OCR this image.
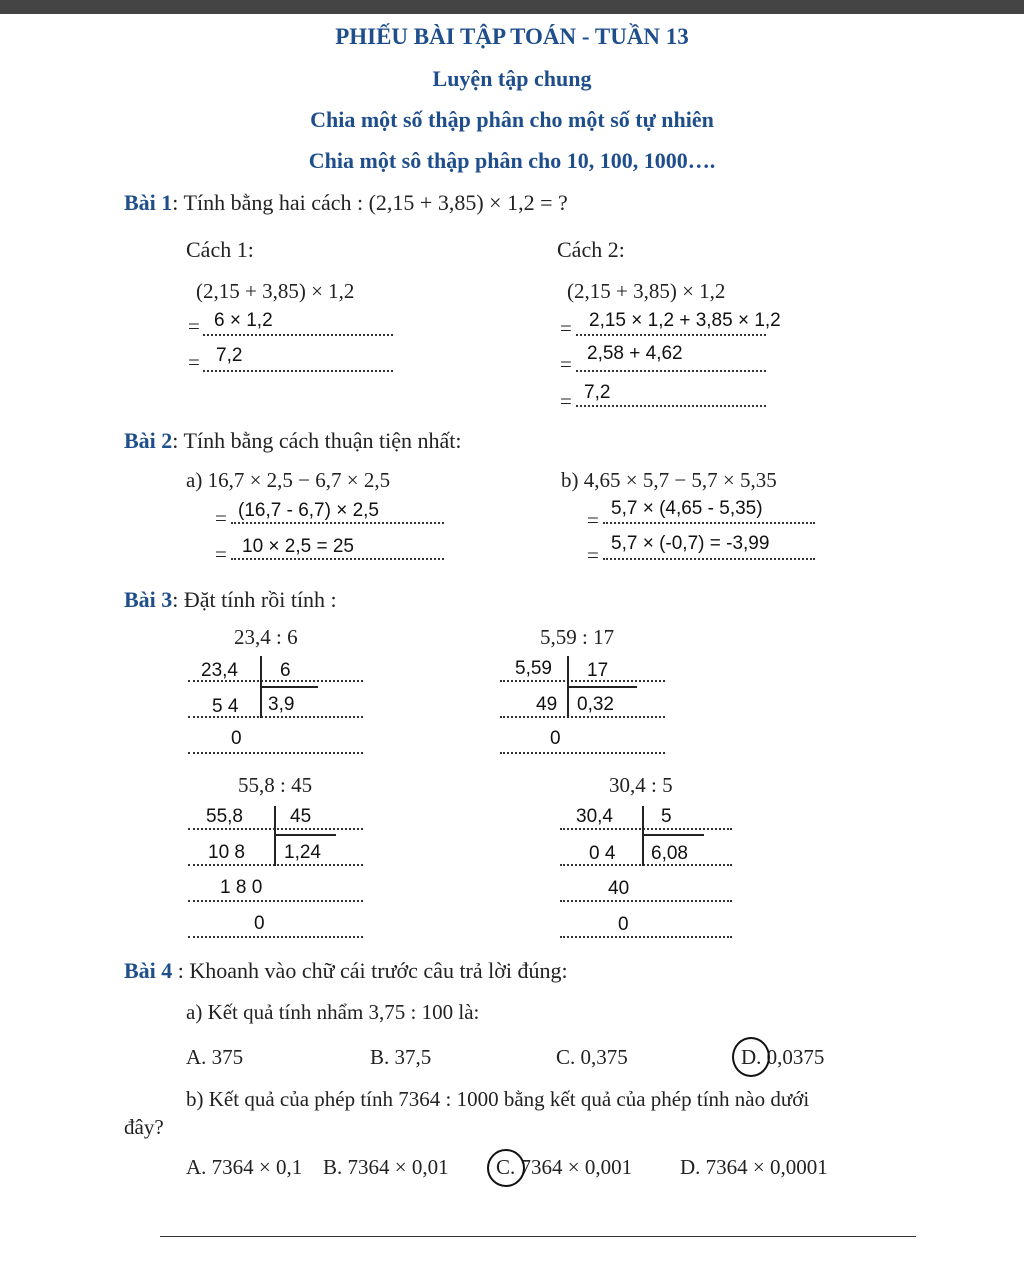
PHIẾU BÀI TẬP TOÁN - TUẦN 13
Luyện tập chung
Chia một số thập phân cho một số tự nhiên
Chia một sô thập phân cho 10, 100, 1000….
Bài 1: Tính bằng hai cách : (2,15 + 3,85) × 1,2 = ?
Cách 1:	Cách 2:
(2,15 + 3,85) × 1,2	(2,15 + 3,85) × 1,2
= 6 × 1,2
= 7,2
= 2,15 × 1,2 + 3,85 × 1,2
= 2,58 + 4,62
= 7,2
Bài 2: Tính bằng cách thuận tiện nhất:
a) 16,7 × 2,5 − 6,7 × 2,5	b) 4,65 × 5,7 − 5,7 × 5,35
= (16,7 - 6,7) × 2,5
= 10 × 2,5 = 25
= 5,7 × (4,65 - 5,35)
= 5,7 × (-0,7) = -3,99
Bài 3: Đặt tính rồi tính :
23,4 : 6
23,4 6
3,9
5 4
0
5,59 : 17
5,59 17
0,32
49
0
55,8 : 45
55,8 45
1,24
10 8
1 8 0
0
30,4 : 5
30,4	5
6,08
0 4
40
0
Bài 4 : Khoanh vào chữ cái trước câu trả lời đúng:
a) Kết quả tính nhẩm 3,75 : 100 là:
A. 375	B. 37,5	C. 0,375	D. 0,0375
b) Kết quả của phép tính 7364 : 1000 bằng kết quả của phép tính nào dưới
đây?
A. 7364 × 0,1 B. 7364 × 0,01 C. 7364 × 0,001 D. 7364 × 0,0001
